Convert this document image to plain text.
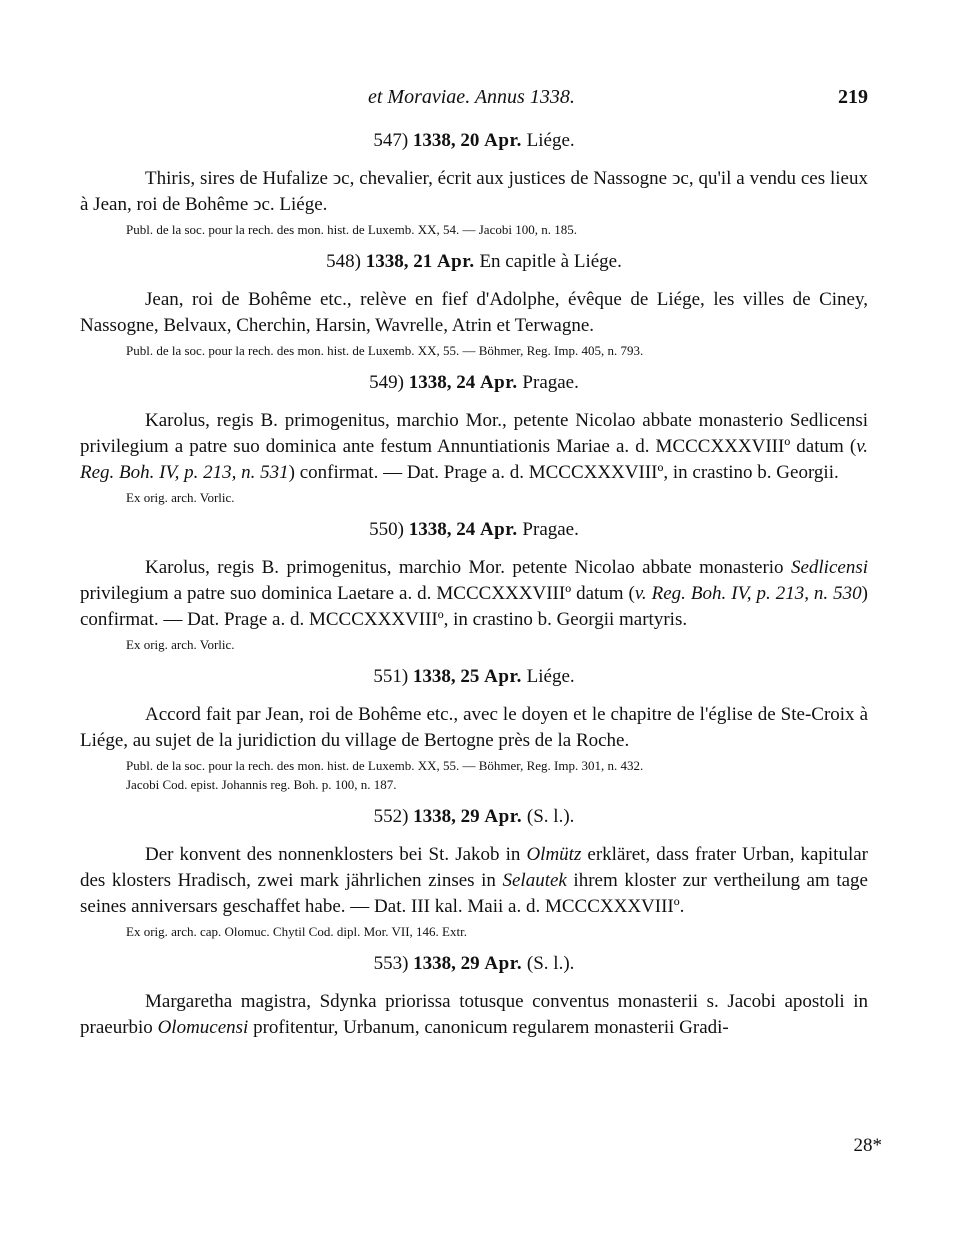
et Moraviae. Annus 1338.	219
547) 1338, 20 Apr. Liége.

Thiris, sires de Hufalize ↄc, chevalier, écrit aux justices de Nassogne ↄc, qu'il a vendu ces lieux à Jean, roi de Bohême ↄc. Liége.

Publ. de la soc. pour la rech. des mon. hist. de Luxemb. XX, 54. — Jacobi 100, n. 185.

548) 1338, 21 Apr. En capitle à Liége.

Jean, roi de Bohême etc., relève en fief d'Adolphe, évêque de Liége, les villes de Ciney, Nassogne, Belvaux, Cherchin, Harsin, Wavrelle, Atrin et Terwagne.

Publ. de la soc. pour la rech. des mon. hist. de Luxemb. XX, 55. — Böhmer, Reg. Imp. 405, n. 793.

549) 1338, 24 Apr. Pragae.

Karolus, regis B. primogenitus, marchio Mor., petente Nicolao abbate monasterio Sedlicensi privilegium a patre suo dominica ante festum Annuntiationis Mariae a. d. MCCCXXXVIIIº datum (v. Reg. Boh. IV, p. 213, n. 531) confirmat. — Dat. Prage a. d. MCCCXXXVIIIº, in crastino b. Georgii.

Ex orig. arch. Vorlic.

550) 1338, 24 Apr. Pragae.

Karolus, regis B. primogenitus, marchio Mor. petente Nicolao abbate monasterio Sedlicensi privilegium a patre suo dominica Laetare a. d. MCCCXXXVIIIº datum (v. Reg. Boh. IV, p. 213, n. 530) confirmat. — Dat. Prage a. d. MCCCXXXVIIIº, in crastino b. Georgii martyris.

Ex orig. arch. Vorlic.

551) 1338, 25 Apr. Liége.

Accord fait par Jean, roi de Bohême etc., avec le doyen et le chapitre de l'église de Ste-Croix à Liége, au sujet de la juridiction du village de Bertogne près de la Roche.

Publ. de la soc. pour la rech. des mon. hist. de Luxemb. XX, 55. — Böhmer, Reg. Imp. 301, n. 432.

Jacobi Cod. epist. Johannis reg. Boh. p. 100, n. 187.

552) 1338, 29 Apr. (S. l.).

Der konvent des nonnenklosters bei St. Jakob in Olmütz erkläret, dass frater Urban, kapitular des klosters Hradisch, zwei mark jährlichen zinses in Selautek ihrem kloster zur vertheilung am tage seines anniversars geschaffet habe. — Dat. III kal. Maii a. d. MCCCXXXVIIIº.

Ex orig. arch. cap. Olomuc. Chytil Cod. dipl. Mor. VII, 146. Extr.

553) 1338, 29 Apr. (S. l.).

Margaretha magistra, Sdynka priorissa totusque conventus monasterii s. Jacobi apostoli in praeurbio Olomucensi profitentur, Urbanum, canonicum regularem monasterii Gradi-

28*
